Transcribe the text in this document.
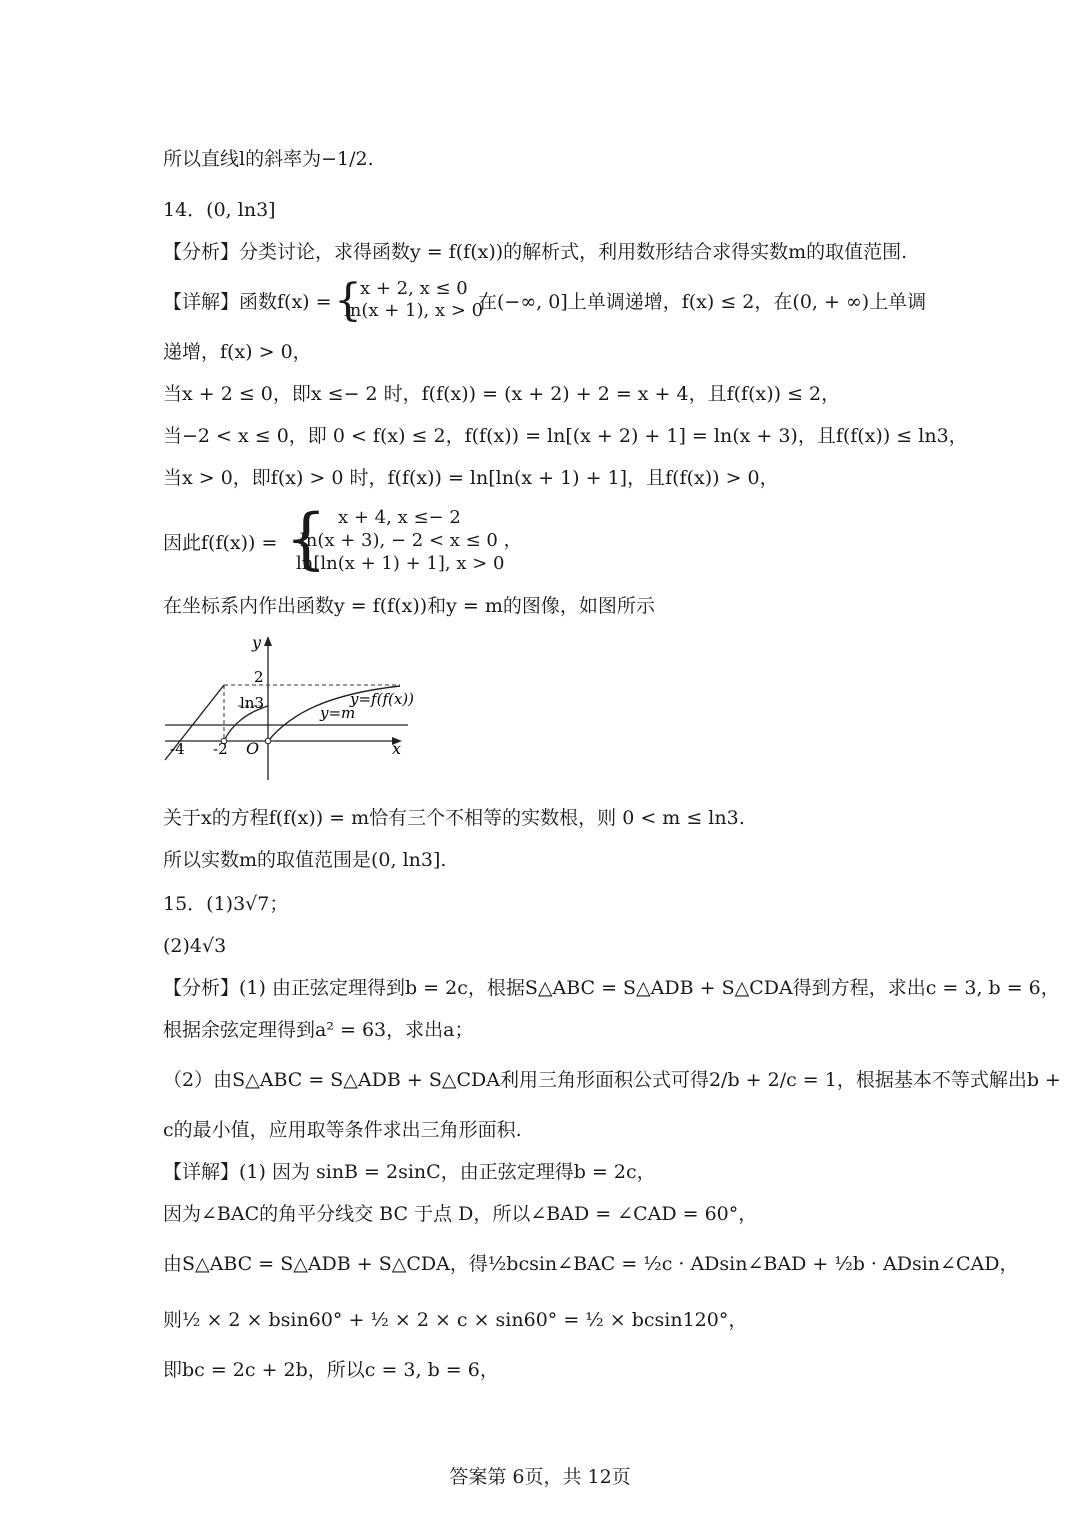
所以直线l的斜率为−1/2.
14．(0, ln3]
【分析】分类讨论，求得函数y = f(f(x))的解析式，利用数形结合求得实数m的取值范围.
【详解】函数f(x) = {
x + 2, x ≤ 0
ln(x + 1), x > 0
在(−∞, 0]上单调递增，f(x) ≤ 2，在(0, + ∞)上单调
递增，f(x) > 0，
当x + 2 ≤ 0，即x ≤− 2 时，f(f(x)) = (x + 2) + 2 = x + 4，且f(f(x)) ≤ 2，
当−2 < x ≤ 0，即 0 < f(x) ≤ 2，f(f(x)) = ln[(x + 2) + 1] = ln(x + 3)，且f(f(x)) ≤ ln3，
当x > 0，即f(x) > 0 时，f(f(x)) = ln[ln(x + 1) + 1]，且f(f(x)) > 0，
因此f(f(x)) = { x + 4, x ≤− 2
ln(x + 3), − 2 < x ≤ 0 ，
ln[ln(x + 1) + 1], x > 0
在坐标系内作出函数y = f(f(x))和y = m的图像，如图所示
y
x
O
2
ln3
-4 -2
y=f(f(x))
y=m
关于x的方程f(f(x)) = m恰有三个不相等的实数根，则 0 < m ≤ ln3.
所以实数m的取值范围是(0, ln3].
15．(1)3√7；
(2)4√3
【分析】(1) 由正弦定理得到b = 2c，根据S△ABC = S△ADB + S△CDA得到方程，求出c = 3, b = 6，
根据余弦定理得到a² = 63，求出a；
（2）由S△ABC = S△ADB + S△CDA利用三角形面积公式可得2/b + 2/c = 1，根据基本不等式解出b +
c的最小值，应用取等条件求出三角形面积.
【详解】(1) 因为 sinB = 2sinC，由正弦定理得b = 2c，
因为∠BAC的角平分线交 BC 于点 D，所以∠BAD = ∠CAD = 60°，
由S△ABC = S△ADB + S△CDA，得½bcsin∠BAC = ½c · ADsin∠BAD + ½b · ADsin∠CAD，
则½ × 2 × bsin60° + ½ × 2 × c × sin60° = ½ × bcsin120°，
即bc = 2c + 2b，所以c = 3, b = 6，
答案第 6页，共 12页
